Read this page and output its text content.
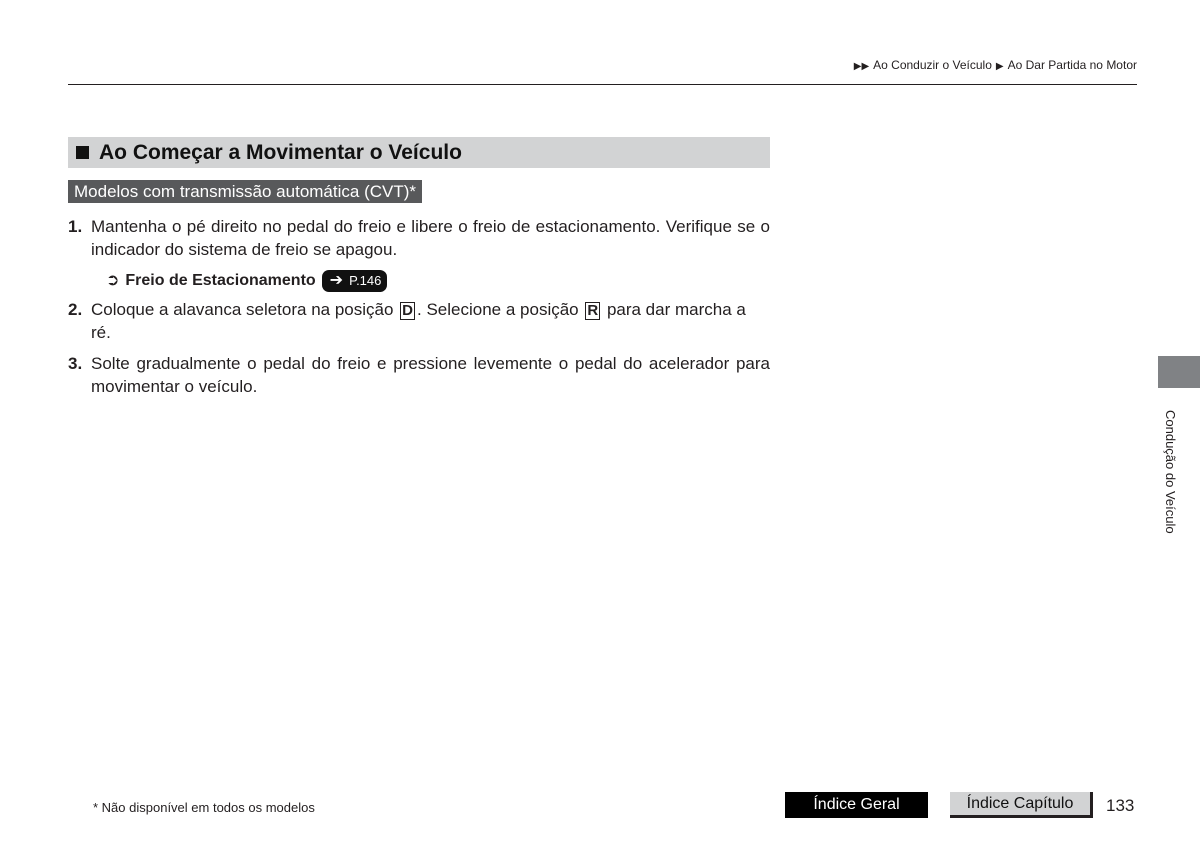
▶▶ Ao Conduzir o Veículo ▶ Ao Dar Partida no Motor
Ao Começar a Movimentar o Veículo
Modelos com transmissão automática (CVT)*
1. Mantenha o pé direito no pedal do freio e libere o freio de estacionamento. Verifique se o indicador do sistema de freio se apagou.
➲ Freio de Estacionamento ➔ P.146
2. Coloque a alavanca seletora na posição D . Selecione a posição R para dar marcha a ré.
3. Solte gradualmente o pedal do freio e pressione levemente o pedal do acelerador para movimentar o veículo.
Condução do Veículo
* Não disponível em todos os modelos	Índice Geral	Índice Capítulo	133
